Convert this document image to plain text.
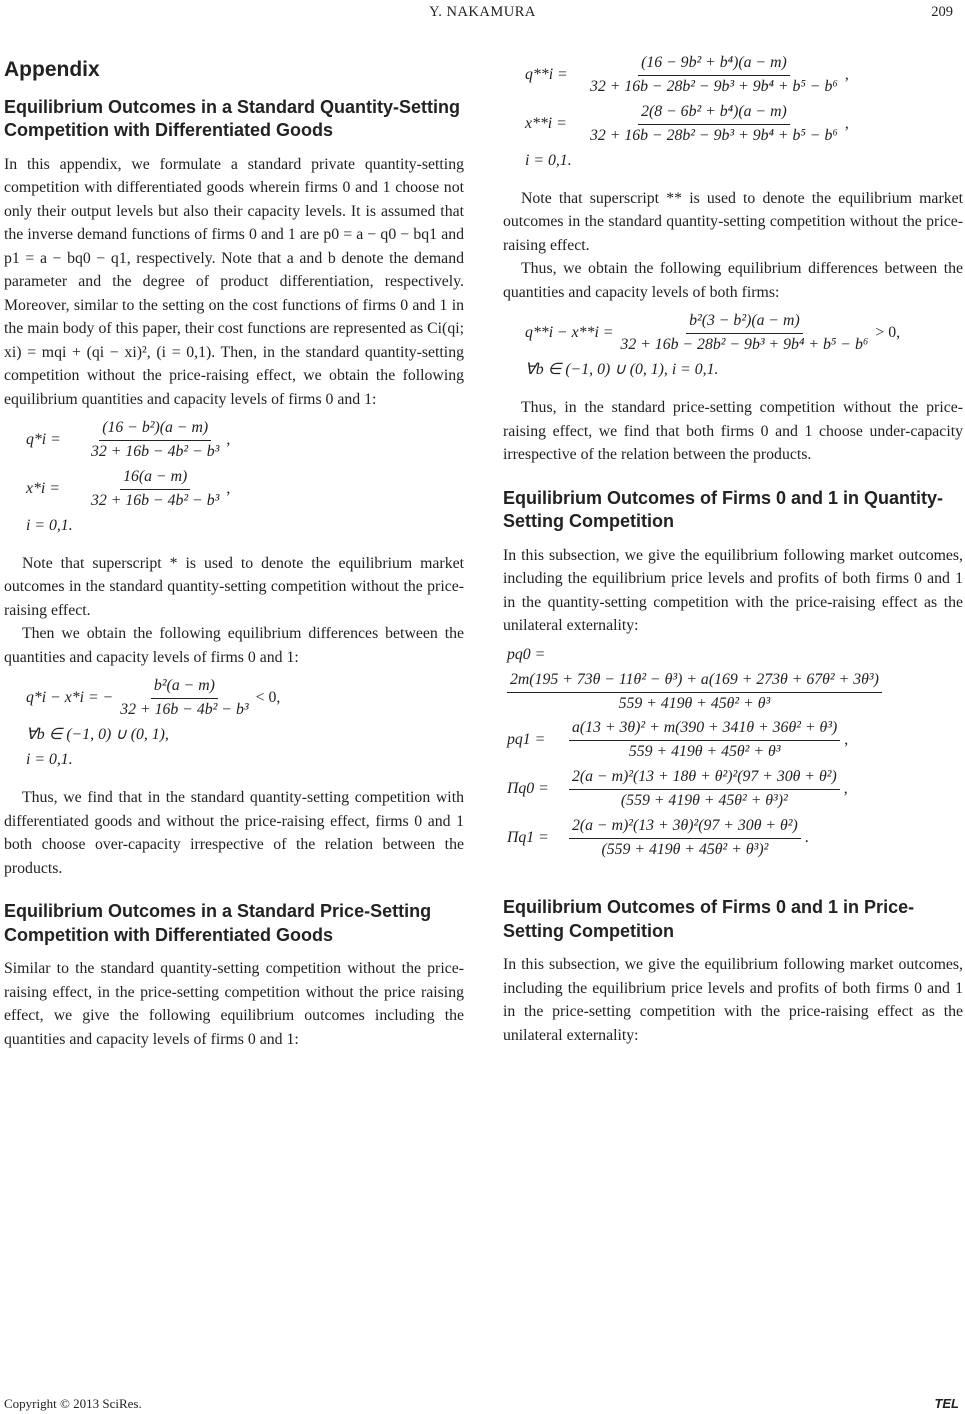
Y. NAKAMURA	209
Appendix
Equilibrium Outcomes in a Standard Quantity-Setting Competition with Differentiated Goods

In this appendix, we formulate a standard private quantity-setting competition with differentiated goods wherein firms 0 and 1 choose not only their output levels but also their capacity levels. It is assumed that the inverse demand functions of firms 0 and 1 are p0 = a − q0 − bq1 and p1 = a − bq0 − q1, respectively. Note that a and b denote the demand parameter and the degree of product differentiation, respectively. Moreover, similar to the setting on the cost functions of firms 0 and 1 in the main body of this paper, their cost functions are represented as Ci(qi; xi) = mqi + (qi − xi)², (i = 0,1). Then, in the standard quantity-setting competition without the price-raising effect, we obtain the following equilibrium quantities and capacity levels of firms 0 and 1:

q*i =	$\frac{\text{(16 − b²)(a − m)}}{\text{32 + 16b − 4b² − b³}}$ ,
x*i =	$\frac{16(a - m)}{\text{32 + 16b − 4b² − b³}}$ ,
i = 0,1.

Note that superscript * is used to denote the equilibrium market outcomes in the standard quantity-setting competition without the price-raising effect.

Then we obtain the following equilibrium differences between the quantities and capacity levels of firms 0 and 1:

q*i − x*i = − $\frac{\text{b²(a − m)}}{\text{32 + 16b − 4b² − b³}} < 0$,
∀b ∈ (−1, 0) ∪ (0, 1),
i = 0,1.

Thus, we find that in the standard quantity-setting competition with differentiated goods and without the price-raising effect, firms 0 and 1 both choose over-capacity irrespective of the relation between the products.

Equilibrium Outcomes in a Standard Price-Setting Competition with Differentiated Goods

Similar to the standard quantity-setting competition without the price-raising effect, in the price-setting competition without the price raising effect, we give the following equilibrium outcomes including the quantities and capacity levels of firms 0 and 1:

q**i =	$\frac{\text{(16 − 9b² + b⁴)(a − m)}}{\text{32 + 16b − 28b² − 9b³ + 9b⁴ + b⁵ − b⁶}}$ ,
x**i =	$\frac{\text{2(8 − 6b² + b⁴)(a − m)}}{\text{32 + 16b − 28b² − 9b³ + 9b⁴ + b⁵ − b⁶}}$ ,
i = 0,1.

Note that superscript ** is used to denote the equilibrium market outcomes in the standard quantity-setting competition without the price-raising effect.

Thus, we obtain the following equilibrium differences between the quantities and capacity levels of both firms:

$q**i - x**i = \frac{\text{b²(3 − b²)(a − m)}}{\text{32 + 16b − 28b² − 9b³ + 9b⁴ + b⁵ − b⁶}} > 0$,
∀b ∈ (−1, 0) ∪ (0, 1), i = 0,1.

Thus, in the standard price-setting competition without the price-raising effect, we find that both firms 0 and 1 choose under-capacity irrespective of the relation between the products.

Equilibrium Outcomes of Firms 0 and 1 in Quantity-Setting Competition

In this subsection, we give the equilibrium following market outcomes, including the equilibrium price levels and profits of both firms 0 and 1 in the quantity-setting competition with the price-raising effect as the unilateral externality:

pq0 =
$\frac{\text{2m(195 + 73θ − 11θ² − θ³) + a(169 + 273θ + 67θ² + 3θ³)}}{\text{559 + 419θ + 45θ² + θ³}}$
pq1 =	$\frac{\text{a(13 + 3θ)² + m(390 + 341θ + 36θ² + θ³)}}{\text{559 + 419θ + 45θ² + θ³}}$ ,
Πq0 =	$\frac{\text{2(a − m)²(13 + 18θ + θ²)²(97 + 30θ + θ²)}}{\text{(559 + 419θ + 45θ² + θ³)²}}$ ,
Πq1 =	$\frac{\text{2(a − m)²(13 + 3θ)²(97 + 30θ + θ²)}}{\text{(559 + 419θ + 45θ² + θ³)²}}$ .
Equilibrium Outcomes of Firms 0 and 1 in Price-Setting Competition

In this subsection, we give the equilibrium following market outcomes, including the equilibrium price levels and profits of both firms 0 and 1 in the price-setting competition with the price-raising effect as the unilateral externality:

Copyright © 2013 SciRes.	TEL
